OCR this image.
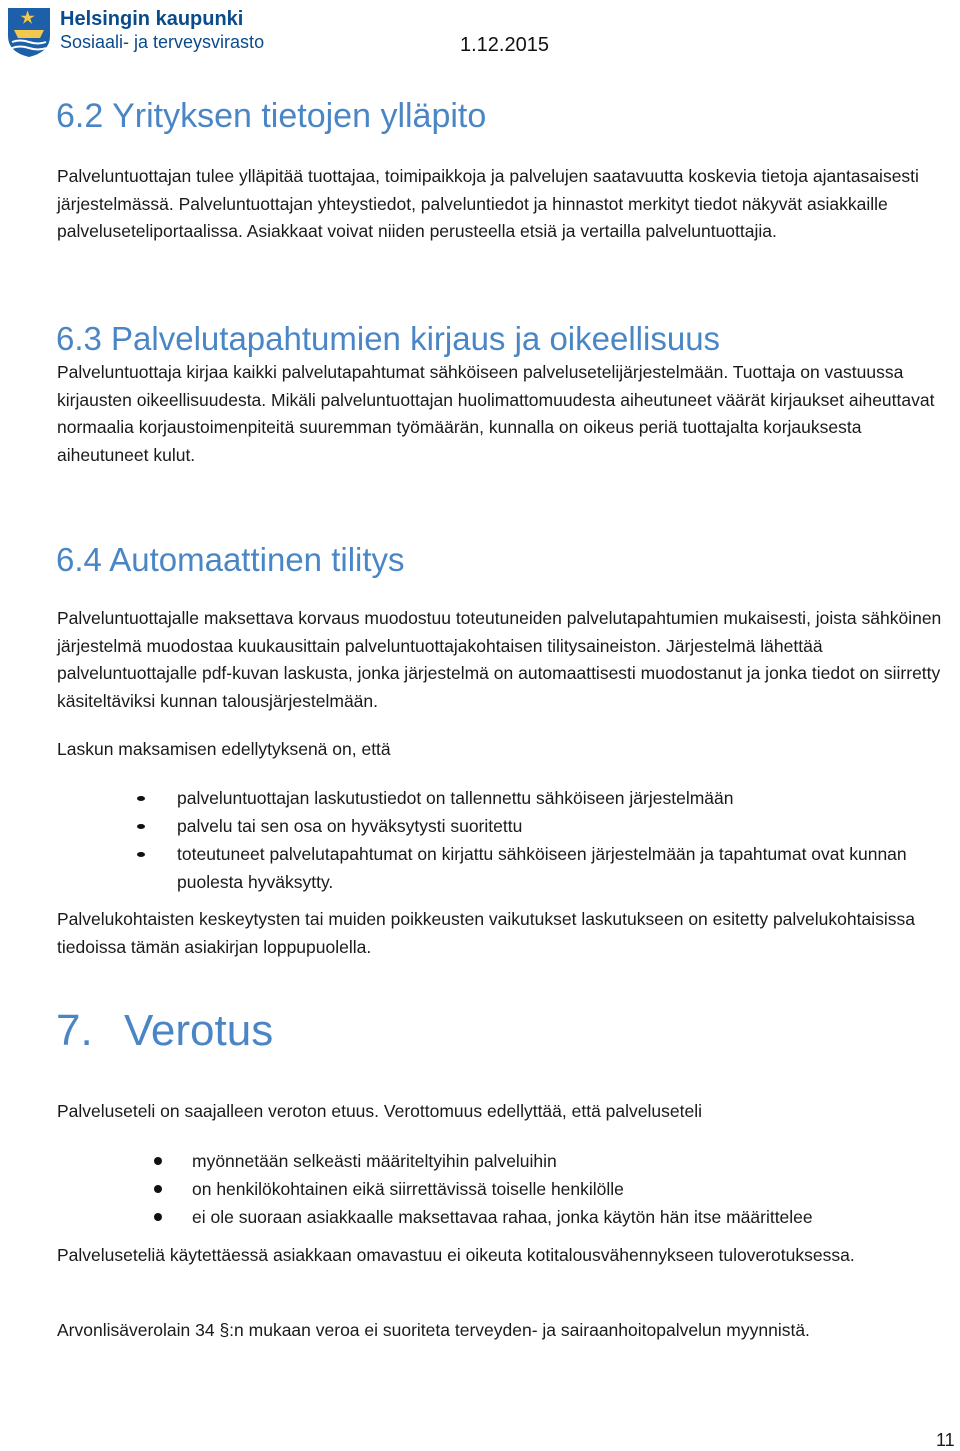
Helsingin kaupunki
Sosiaali- ja terveysvirasto	1.12.2015
6.2 Yrityksen tietojen ylläpito

Palveluntuottajan tulee ylläpitää tuottajaa, toimipaikkoja ja palvelujen saatavuutta koskevia tietoja ajantasaisesti järjestelmässä. Palveluntuottajan yhteystiedot, palveluntiedot ja hinnastot merkityt tiedot näkyvät asiakkaille palveluseteliportaalissa. Asiakkaat voivat niiden perusteella etsiä ja vertailla palveluntuottajia.

6.3 Palvelutapahtumien kirjaus ja oikeellisuus

Palveluntuottaja kirjaa kaikki palvelutapahtumat sähköiseen palvelusetelijärjestelmään. Tuottaja on vastuussa kirjausten oikeellisuudesta. Mikäli palveluntuottajan huolimattomuudesta aiheutuneet väärät kirjaukset aiheuttavat normaalia korjaustoimenpiteitä suuremman työmäärän, kunnalla on oikeus periä tuottajalta korjauksesta aiheutuneet kulut.

6.4 Automaattinen tilitys

Palveluntuottajalle maksettava korvaus muodostuu toteutuneiden palvelutapahtumien mukaisesti, joista sähköinen järjestelmä muodostaa kuukausittain palveluntuottajakohtaisen tilitysaineiston. Järjestelmä lähettää palveluntuottajalle pdf-kuvan laskusta, jonka järjestelmä on automaattisesti muodostanut ja jonka tiedot on siirretty käsiteltäviksi kunnan talousjärjestelmään.

Laskun maksamisen edellytyksenä on, että

palveluntuottajan laskutustiedot on tallennettu sähköiseen järjestelmään
palvelu tai sen osa on hyväksytysti suoritettu
toteutuneet palvelutapahtumat on kirjattu sähköiseen järjestelmään ja tapahtumat ovat kunnan puolesta hyväksytty.

Palvelukohtaisten keskeytysten tai muiden poikkeusten vaikutukset laskutukseen on esitetty palvelukohtaisissa tiedoissa tämän asiakirjan loppupuolella.

7. Verotus

Palveluseteli on saajalleen veroton etuus. Verottomuus edellyttää, että palveluseteli

myönnetään selkeästi määriteltyihin palveluihin
on henkilökohtainen eikä siirrettävissä toiselle henkilölle
ei ole suoraan asiakkaalle maksettavaa rahaa, jonka käytön hän itse määrittelee

Palveluseteliä käytettäessä asiakkaan omavastuu ei oikeuta kotitalousvähennykseen tuloverotuksessa.

Arvonlisäverolain 34 §:n mukaan veroa ei suoriteta terveyden- ja sairaanhoitopalvelun myynnistä.

11
